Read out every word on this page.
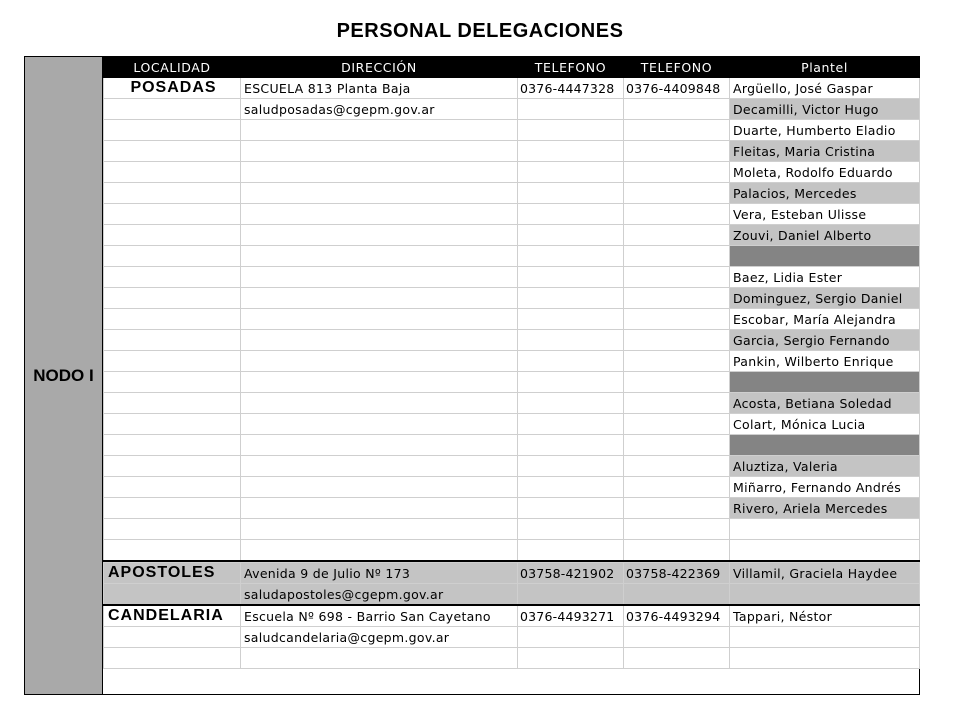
PERSONAL DELEGACIONES
NODO I
LOCALIDAD	DIRECCIÓN	TELEFONO	TELEFONO	Plantel
POSADAS	ESCUELA 813 Planta Baja	0376-4447328	0376-4409848	Argüello, José Gaspar
	saludposadas@cgepm.gov.ar			Decamilli, Victor Hugo
				Duarte, Humberto Eladio
				Fleitas, Maria Cristina
				Moleta, Rodolfo Eduardo
				Palacios, Mercedes
				Vera, Esteban Ulisse
				Zouvi, Daniel Alberto

				Baez, Lidia Ester
				Dominguez, Sergio Daniel
				Escobar, María Alejandra
				Garcia, Sergio Fernando
				Pankin, Wilberto Enrique

				Acosta, Betiana Soledad
				Colart, Mónica Lucia

				Aluztiza, Valeria
				Miñarro, Fernando Andrés
				Rivero, Ariela Mercedes

APOSTOLES	Avenida 9 de Julio Nº 173	03758-421902	03758-422369	Villamil, Graciela Haydee
	saludapostoles@cgepm.gov.ar			
CANDELARIA	Escuela Nº 698 - Barrio San Cayetano	0376-4493271	0376-4493294	Tappari, Néstor
	saludcandelaria@cgepm.gov.ar			
